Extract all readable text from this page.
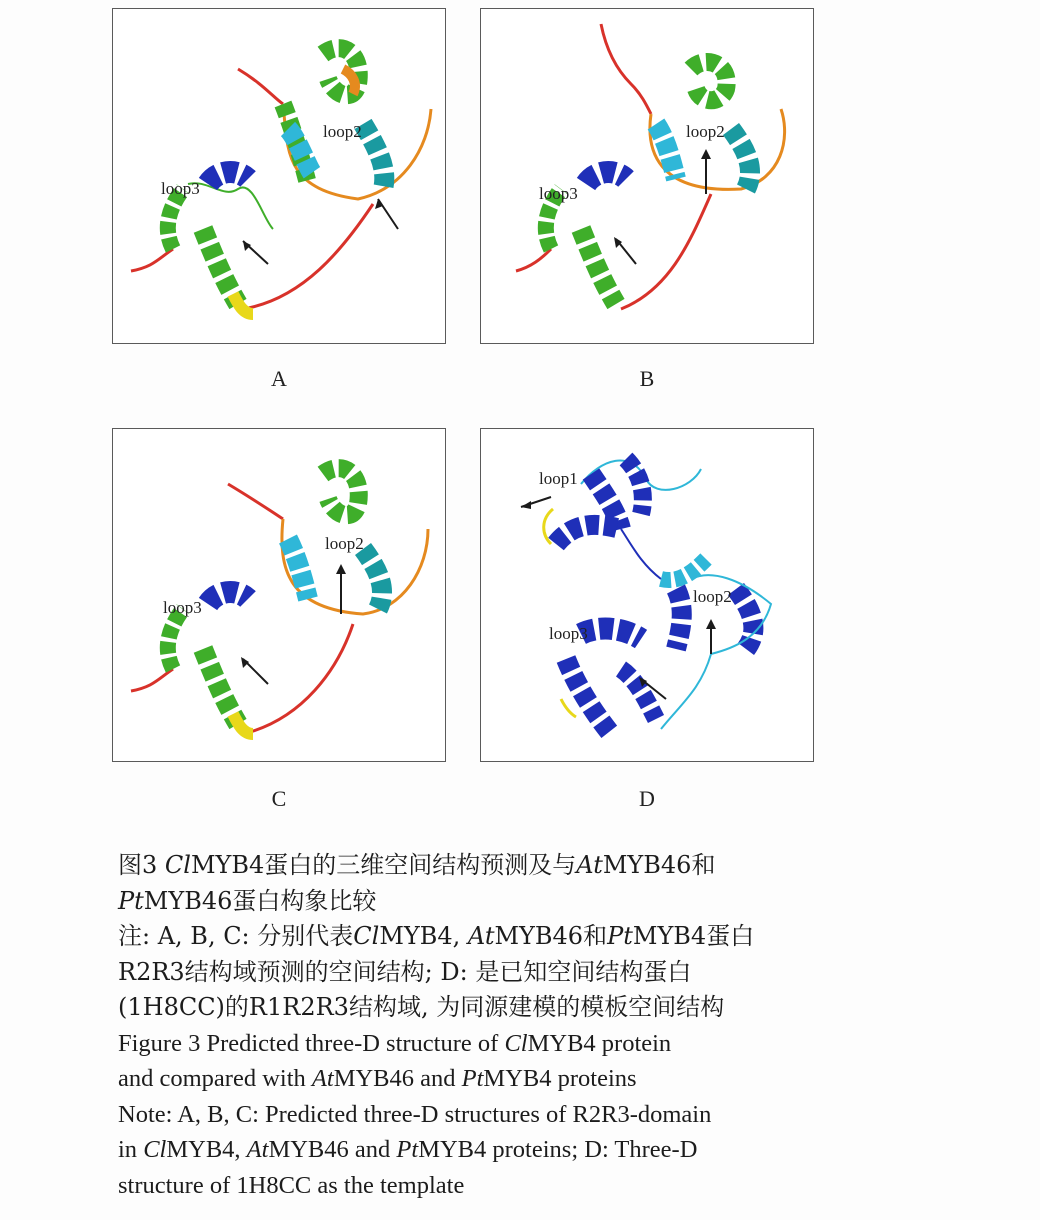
loop3
loop2
A
loop3
loop2
B
loop3
loop2
C
loop1
loop3
loop2
D
图3 ClMYB4蛋白的三维空间结构预测及与AtMYB46和
PtMYB46蛋白构象比较
注: A, B, C: 分别代表ClMYB4, AtMYB46和PtMYB4蛋白
R2R3结构域预测的空间结构; D: 是已知空间结构蛋白
(1H8CC)的R1R2R3结构域, 为同源建模的模板空间结构
Figure 3 Predicted three-D structure of ClMYB4 protein
and compared with AtMYB46 and PtMYB4 proteins
Note: A, B, C: Predicted three-D structures of R2R3-domain
in ClMYB4, AtMYB46 and PtMYB4 proteins; D: Three-D
structure of 1H8CC as the template
